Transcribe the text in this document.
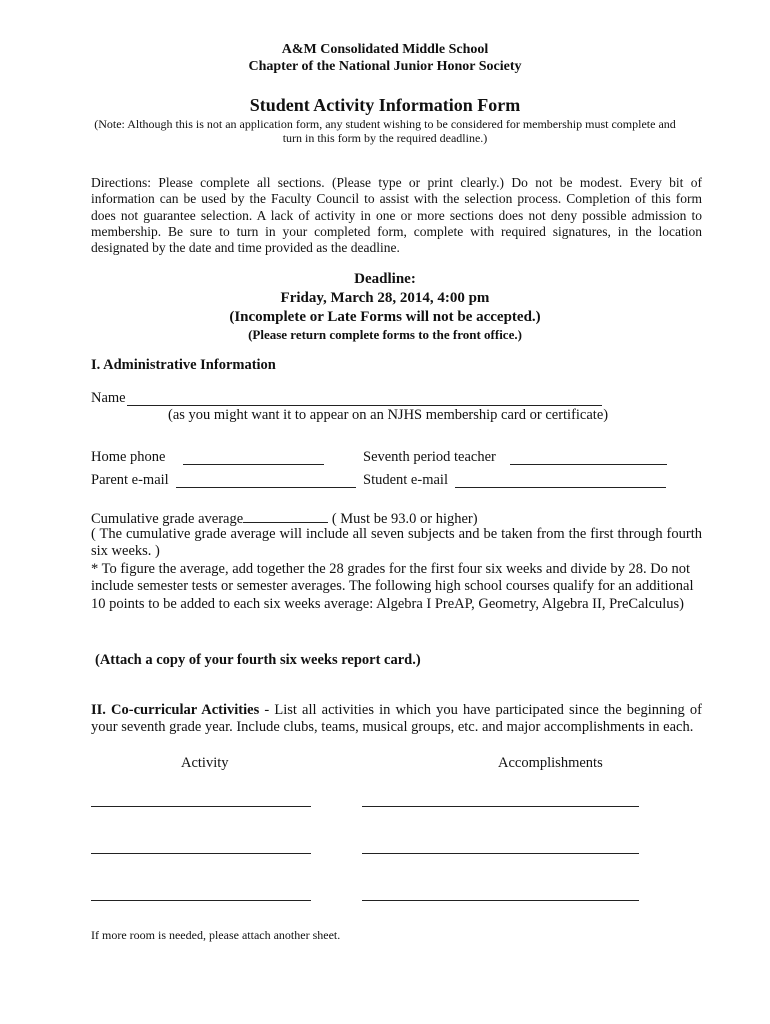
A&M Consolidated Middle School
Chapter of the National Junior Honor Society
Student Activity Information Form
(Note: Although this is not an application form, any student wishing to be considered for membership must complete and
turn in this form by the required deadline.)
Directions: Please complete all sections. (Please type or print clearly.) Do not be modest. Every bit of information can be used by the Faculty Council to assist with the selection process. Completion of this form does not guarantee selection. A lack of activity in one or more sections does not deny possible admission to membership. Be sure to turn in your completed form, complete with required signatures, in the location designated by the date and time provided as the deadline.
Deadline:
Friday, March 28, 2014, 4:00 pm
(Incomplete or Late Forms will not be accepted.)
(Please return complete forms to the front office.)
I. Administrative Information
Name
(as you might want it to appear on an NJHS membership card or certificate)
Home phone	Seventh period teacher
Parent e-mail	Student e-mail
Cumulative grade average	( Must be 93.0 or higher)
( The cumulative grade average will include all seven subjects and be taken from the first through fourth six weeks. )
* To figure the average, add together the 28 grades for the first four six weeks and divide by 28. Do not include semester tests or semester averages. The following high school courses qualify for an additional 10 points to be added to each six weeks average: Algebra I PreAP, Geometry, Algebra II, PreCalculus)
(Attach a copy of your fourth six weeks report card.)
II. Co-curricular Activities - List all activities in which you have participated since the beginning of your seventh grade year. Include clubs, teams, musical groups, etc. and major accomplishments in each.
Activity	Accomplishments
If more room is needed, please attach another sheet.
